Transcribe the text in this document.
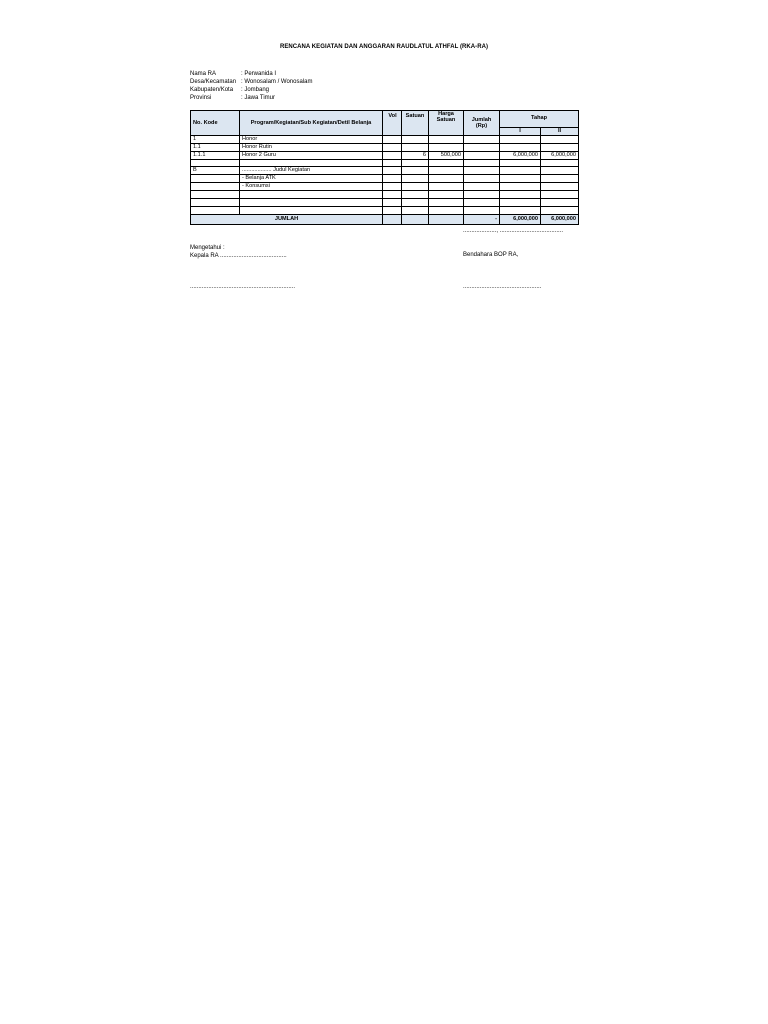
RENCANA KEGIATAN DAN ANGGARAN RAUDLATUL ATHFAL (RKA-RA)
Nama RA	: Perwanida I
Desa/Kecamatan : Wonosalam / Wonosalam
Kabupaten/Kota	: Jombang
Provinsi	: Jawa Timur
No. Kode	Program/Kegiatan/Sub Kegiatan/Detil Belanja	Vol	Satuan	Harga Satuan	Jumlah (Rp)	Tahap	
						I	II
1	Honor						
1.1	Honor Rutin						
1.1.1	Honor 2 Guru		6	500,000		6,000,000	6,000,000

B	................... Judul Kegiatan						
	- Belanja ATK						
	- Konsumsi						

JUMLAH					-	6,000,000	6,000,000
...................., ......................................
Mengetahui :
Kepala RA ........................................	Bendahara BOP RA,
...............................................................	...............................................
